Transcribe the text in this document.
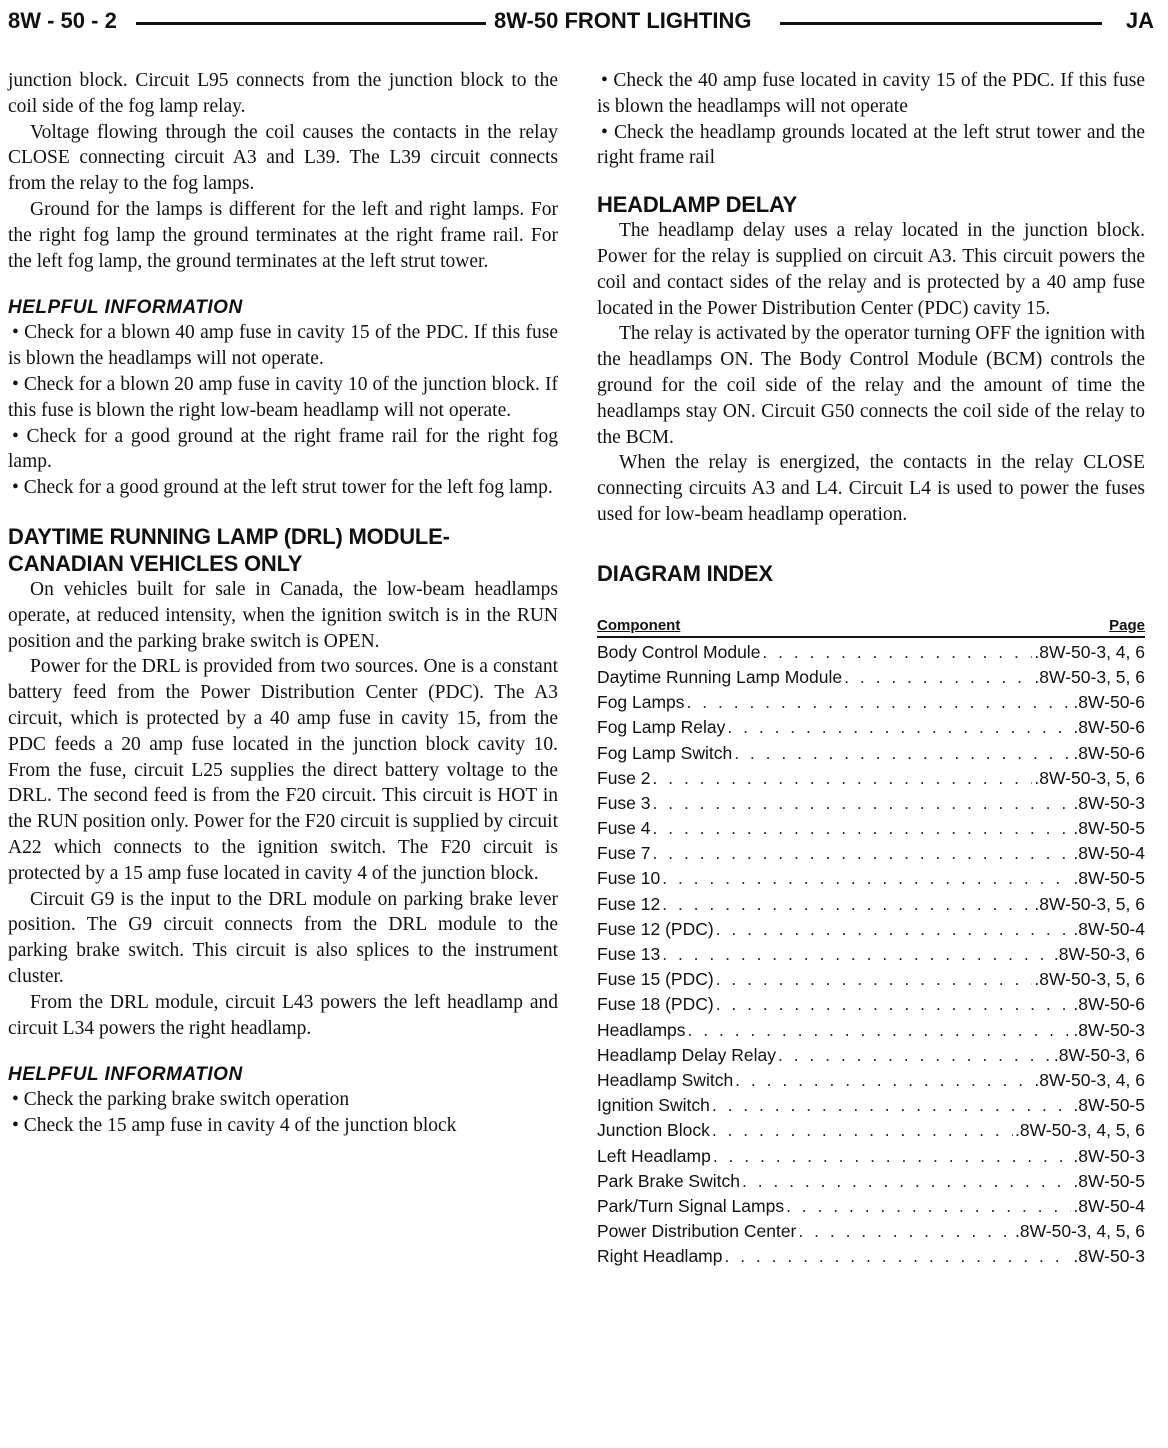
8W - 50 - 2	8W-50 FRONT LIGHTING	JA

junction block. Circuit L95 connects from the junction block to the coil side of the fog lamp relay.

Voltage flowing through the coil causes the contacts in the relay CLOSE connecting circuit A3 and L39. The L39 circuit connects from the relay to the fog lamps.

Ground for the lamps is different for the left and right lamps. For the right fog lamp the ground terminates at the right frame rail. For the left fog lamp, the ground terminates at the left strut tower.

HELPFUL INFORMATION

• Check for a blown 40 amp fuse in cavity 15 of the PDC. If this fuse is blown the headlamps will not operate.

• Check for a blown 20 amp fuse in cavity 10 of the junction block. If this fuse is blown the right low-beam headlamp will not operate.

• Check for a good ground at the right frame rail for the right fog lamp.

• Check for a good ground at the left strut tower for the left fog lamp.

DAYTIME RUNNING LAMP (DRL) MODULE-
CANADIAN VEHICLES ONLY

On vehicles built for sale in Canada, the low-beam headlamps operate, at reduced intensity, when the ignition switch is in the RUN position and the parking brake switch is OPEN.

Power for the DRL is provided from two sources. One is a constant battery feed from the Power Distribution Center (PDC). The A3 circuit, which is protected by a 40 amp fuse in cavity 15, from the PDC feeds a 20 amp fuse located in the junction block cavity 10. From the fuse, circuit L25 supplies the direct battery voltage to the DRL. The second feed is from the F20 circuit. This circuit is HOT in the RUN position only. Power for the F20 circuit is supplied by circuit A22 which connects to the ignition switch. The F20 circuit is protected by a 15 amp fuse located in cavity 4 of the junction block.

Circuit G9 is the input to the DRL module on parking brake lever position. The G9 circuit connects from the DRL module to the parking brake switch. This circuit is also splices to the instrument cluster.

From the DRL module, circuit L43 powers the left headlamp and circuit L34 powers the right headlamp.

HELPFUL INFORMATION

• Check the parking brake switch operation

• Check the 15 amp fuse in cavity 4 of the junction block

• Check the 40 amp fuse located in cavity 15 of the PDC. If this fuse is blown the headlamps will not operate

• Check the headlamp grounds located at the left strut tower and the right frame rail

HEADLAMP DELAY

The headlamp delay uses a relay located in the junction block. Power for the relay is supplied on circuit A3. This circuit powers the coil and contact sides of the relay and is protected by a 40 amp fuse located in the Power Distribution Center (PDC) cavity 15.

The relay is activated by the operator turning OFF the ignition with the headlamps ON. The Body Control Module (BCM) controls the ground for the coil side of the relay and the amount of time the headlamps stay ON. Circuit G50 connects the coil side of the relay to the BCM.

When the relay is energized, the contacts in the relay CLOSE connecting circuits A3 and L4. Circuit L4 is used to power the fuses used for low-beam headlamp operation.

DIAGRAM INDEX
Component	Page
Body Control Module . . .	.8W-50-3, 4, 6
Daytime Running Lamp Module . . .	.8W-50-3, 5, 6
Fog Lamps . . .	.8W-50-6
Fog Lamp Relay . . .	.8W-50-6
Fog Lamp Switch . . .	.8W-50-6
Fuse 2 . . .	.8W-50-3, 5, 6
Fuse 3 . . .	.8W-50-3
Fuse 4 . . .	.8W-50-5
Fuse 7 . . .	.8W-50-4
Fuse 10 . . .	.8W-50-5
Fuse 12 . . .	.8W-50-3, 5, 6
Fuse 12 (PDC) . . .	.8W-50-4
Fuse 13 . . .	.8W-50-3, 6
Fuse 15 (PDC) . . .	.8W-50-3, 5, 6
Fuse 18 (PDC) . . .	.8W-50-6
Headlamps . . .	.8W-50-3
Headlamp Delay Relay . . .	.8W-50-3, 6
Headlamp Switch . . .	.8W-50-3, 4, 6
Ignition Switch . . .	.8W-50-5
Junction Block . . .	.8W-50-3, 4, 5, 6
Left Headlamp . . .	.8W-50-3
Park Brake Switch . . .	.8W-50-5
Park/Turn Signal Lamps . . .	.8W-50-4
Power Distribution Center . . .	.8W-50-3, 4, 5, 6
Right Headlamp . . .	.8W-50-3
